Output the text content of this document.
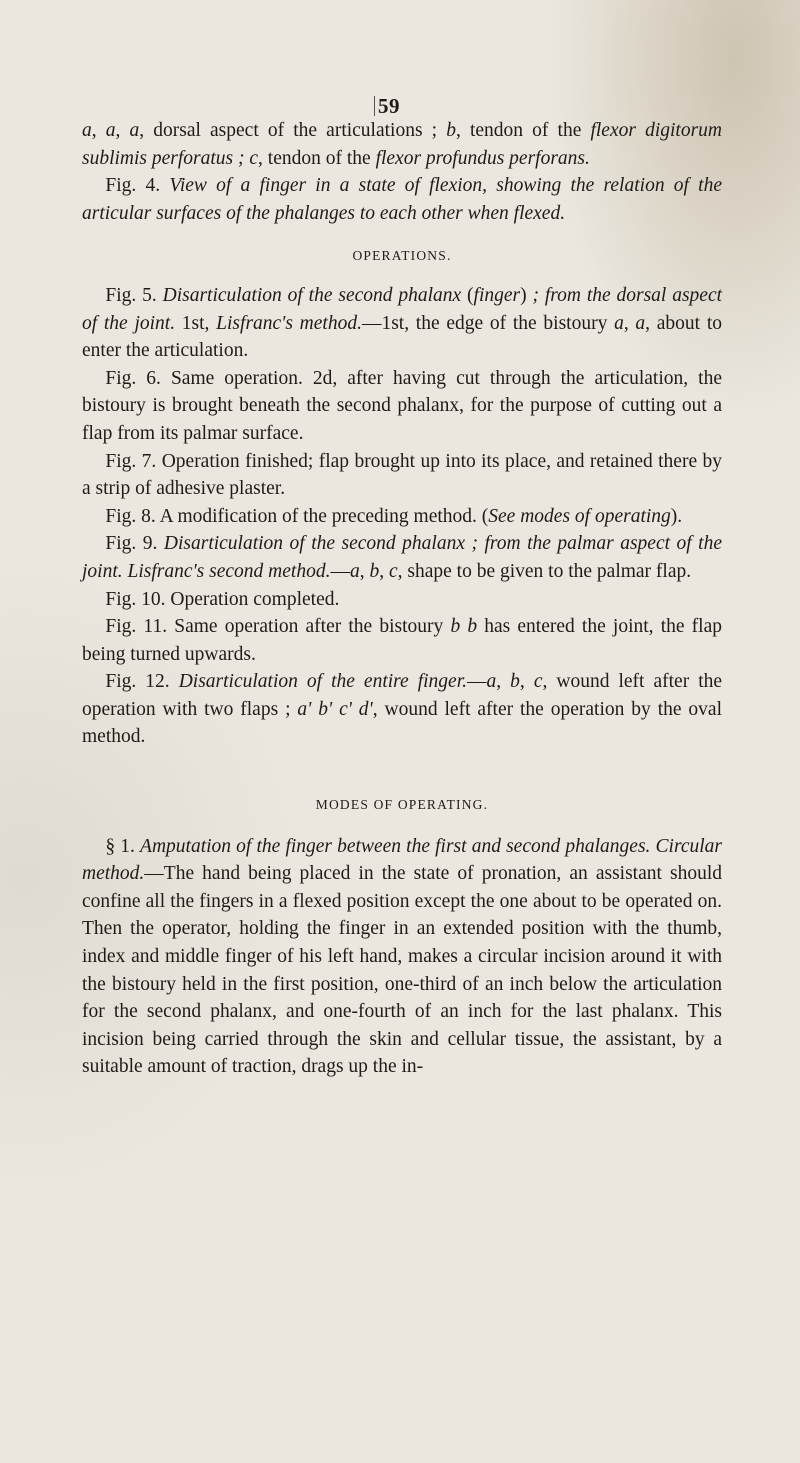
59

a, a, a, dorsal aspect of the articulations ; b, tendon of the flexor digitorum sublimis perforatus ; c, tendon of the flexor profundus perforans.

Fig. 4. View of a finger in a state of flexion, showing the relation of the articular surfaces of the phalanges to each other when flexed.

OPERATIONS.

Fig. 5. Disarticulation of the second phalanx (finger) ; from the dorsal aspect of the joint. 1st, Lisfranc's method.—1st, the edge of the bistoury a, a, about to enter the articulation.

Fig. 6. Same operation. 2d, after having cut through the articulation, the bistoury is brought beneath the second phalanx, for the purpose of cutting out a flap from its palmar surface.

Fig. 7. Operation finished; flap brought up into its place, and retained there by a strip of adhesive plaster.

Fig. 8. A modification of the preceding method. (See modes of operating).

Fig. 9. Disarticulation of the second phalanx ; from the palmar aspect of the joint. Lisfranc's second method.—a, b, c, shape to be given to the palmar flap.

Fig. 10. Operation completed.

Fig. 11. Same operation after the bistoury b b has entered the joint, the flap being turned upwards.

Fig. 12. Disarticulation of the entire finger.—a, b, c, wound left after the operation with two flaps ; a' b' c' d', wound left after the operation by the oval method.

MODES OF OPERATING.

§ 1. Amputation of the finger between the first and second phalanges. Circular method.—The hand being placed in the state of pronation, an assistant should confine all the fingers in a flexed position except the one about to be operated on. Then the operator, holding the finger in an extended position with the thumb, index and middle finger of his left hand, makes a circular incision around it with the bistoury held in the first position, one-third of an inch below the articulation for the second phalanx, and one-fourth of an inch for the last phalanx. This incision being carried through the skin and cellular tissue, the assistant, by a suitable amount of traction, drags up the in-
